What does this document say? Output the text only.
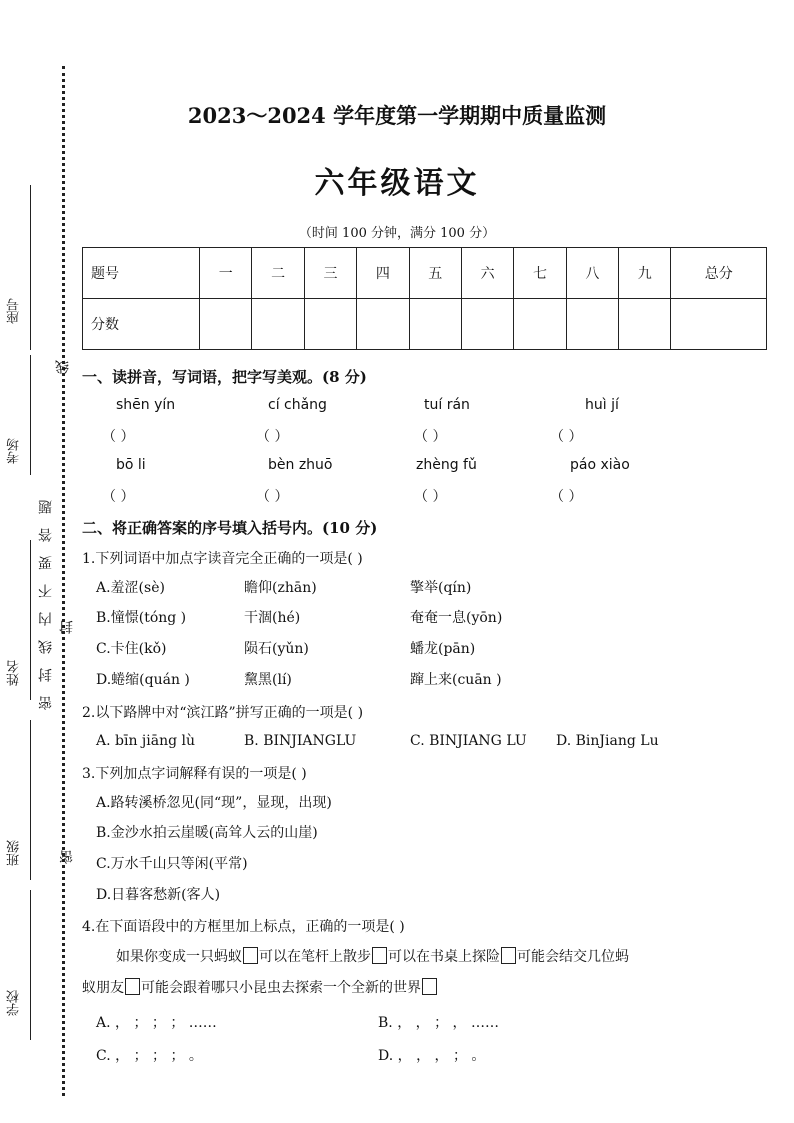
座号
考场
姓名
班级
学校
线
密封线内不要答题 封
密
2023～2024 学年度第一学期期中质量监测
六年级语文
（时间 100 分钟，满分 100 分）
题号	一	二	三	四	五	六	七	八	九	总分
分数										
一、读拼音，写词语，把字写美观。(8 分)
shēn yín	cí chǎng	tuí rán	huì jí
（ ）	（ ）	（ ）	（ ）
bō li	bèn zhuō	zhèng fǔ	páo xiào
（ ）	（ ）	（ ）	（ ）
二、将正确答案的序号填入括号内。(10 分)
1.下列词语中加点字读音完全正确的一项是( )
A.羞涩(sè)	瞻仰(zhān)	擎举(qín)
B.憧憬(tóng )	干涸(hé)	奄奄一息(yōn)
C.卡住(kǒ)	陨石(yǔn)	蟠龙(pān)
D.蜷缩(quán )	黧黑(lí)	蹿上来(cuān )
2.以下路牌中对“滨江路”拼写正确的一项是( )
A. bīn jiāng lù	B. BINJIANGLU	C. BINJIANG LU D. BinJiang Lu
3.下列加点字词解释有误的一项是( )
A.路转溪桥忽见(同“现”，显现，出现)
B.金沙水拍云崖暖(高耸人云的山崖)
C.万水千山只等闲(平常)
D.日暮客愁新(客人)
4.在下面语段中的方框里加上标点，正确的一项是( )
如果你变成一只蚂蚁 可以在笔杆上散步 可以在书桌上探险 可能会结交几位蚂
蚁朋友 可能会跟着哪只小昆虫去探索一个全新的世界
A. ， ； ； ； ……	B. ， ， ； ， ……
C. ， ； ； ； 。	D. ， ， ， ； 。
